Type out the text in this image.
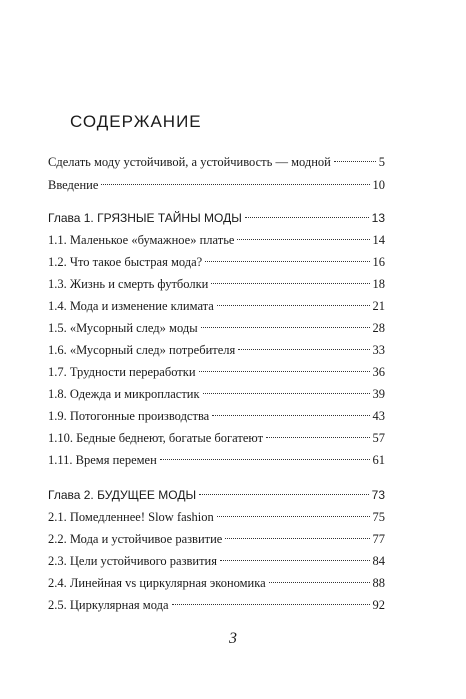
СОДЕРЖАНИЕ
Сделать моду устойчивой, а устойчивость — модной	5
Введение	10
Глава 1. ГРЯЗНЫЕ ТАЙНЫ МОДЫ	13
1.1. Маленькое «бумажное» платье	14
1.2. Что такое быстрая мода?	16
1.3. Жизнь и смерть футболки	18
1.4. Мода и изменение климата	21
1.5. «Мусорный след» моды	28
1.6. «Мусорный след» потребителя	33
1.7. Трудности переработки	36
1.8. Одежда и микропластик	39
1.9. Потогонные производства	43
1.10. Бедные беднеют, богатые богатеют	57
1.11. Время перемен	61
Глава 2. БУДУЩЕЕ МОДЫ	73
2.1. Помедленнее! Slow fashion	75
2.2. Мода и устойчивое развитие	77
2.3. Цели устойчивого развития	84
2.4. Линейная vs циркулярная экономика	88
2.5. Циркулярная мода	92
3
